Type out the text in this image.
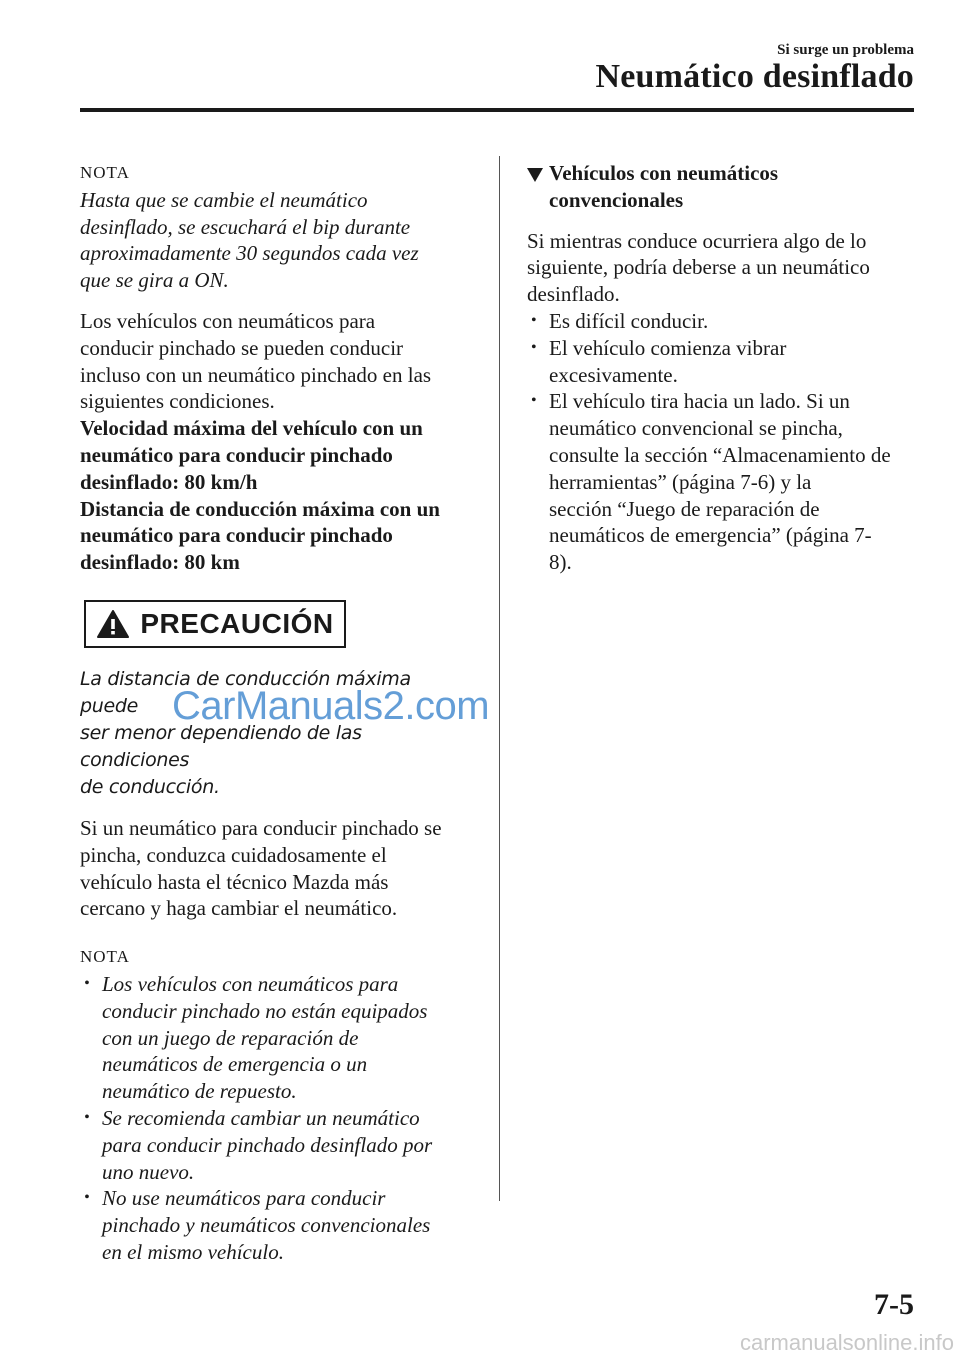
Si surge un problema
Neumático desinflado

NOTA

Hasta que se cambie el neumático
desinflado, se escuchará el bip durante
aproximadamente 30 segundos cada vez
que se gira a ON.

Los vehículos con neumáticos para
conducir pinchado se pueden conducir
incluso con un neumático pinchado en las
siguientes condiciones.

Velocidad máxima del vehículo con un
neumático para conducir pinchado
desinflado: 80 km/h

Distancia de conducción máxima con un
neumático para conducir pinchado
desinflado: 80 km

PRECAUCIÓN

La distancia de conducción máxima puede
ser menor dependiendo de las condiciones
de conducción.

Si un neumático para conducir pinchado se
pincha, conduzca cuidadosamente el
vehículo hasta el técnico Mazda más
cercano y haga cambiar el neumático.

NOTA

• Los vehículos con neumáticos para
conducir pinchado no están equipados
con un juego de reparación de
neumáticos de emergencia o un
neumático de repuesto.
• Se recomienda cambiar un neumático
para conducir pinchado desinflado por
uno nuevo.
• No use neumáticos para conducir
pinchado y neumáticos convencionales
en el mismo vehículo.
Vehículos con neumáticos
convencionales

Si mientras conduce ocurriera algo de lo
siguiente, podría deberse a un neumático
desinflado.

• Es difícil conducir.
• El vehículo comienza vibrar
excesivamente.
• El vehículo tira hacia un lado. Si un
neumático convencional se pincha,
consulte la sección “Almacenamiento de
herramientas” (página 7-6) y la
sección “Juego de reparación de
neumáticos de emergencia” (página 7-
8).
CarManuals2.com
7-5
carmanualsonline.info
